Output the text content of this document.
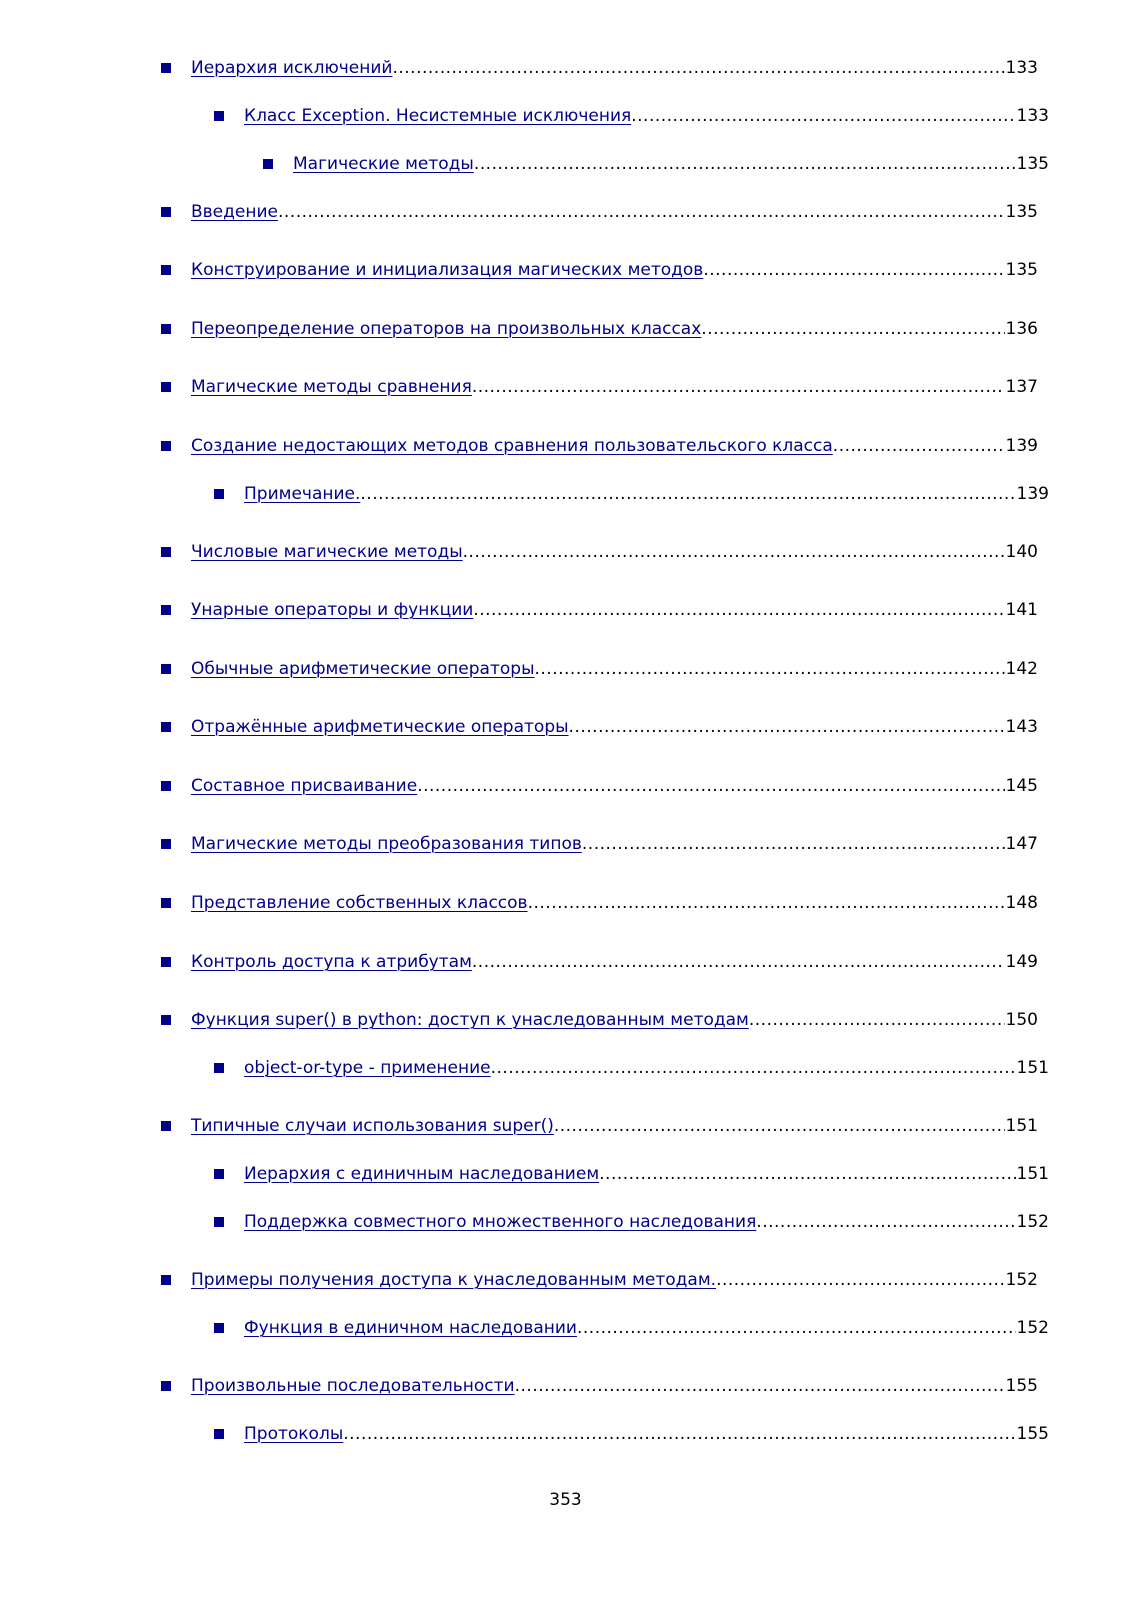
Иерархия исключений .....	133
Класс Exception. Несистемные исключения .....	133
Магические методы .....	135
Введение .....	135
Конструирование и инициализация магических методов .....	135
Переопределение операторов на произвольных классах .....	136
Магические методы сравнения .....	137
Создание недостающих методов сравнения пользовательского класса .....	139
Примечание. .....	139
Числовые магические методы .....	140
Унарные операторы и функции .....	141
Обычные арифметические операторы .....	142
Отражённые арифметические операторы .....	143
Составное присваивание .....	145
Магические методы преобразования типов .....	147
Представление собственных классов .....	148
Контроль доступа к атрибутам .....	149
Функция super() в python: доступ к унаследованным методам .....	150
object-or-type - применение .....	151
Типичные случаи использования super() .....	151
Иерархия с единичным наследованием .....	151
Поддержка совместного множественного наследования .....	152
Примеры получения доступа к унаследованным методам. .....	152
Функция в единичном наследовании .....	152
Произвольные последовательности .....	155
Протоколы .....	155
353
